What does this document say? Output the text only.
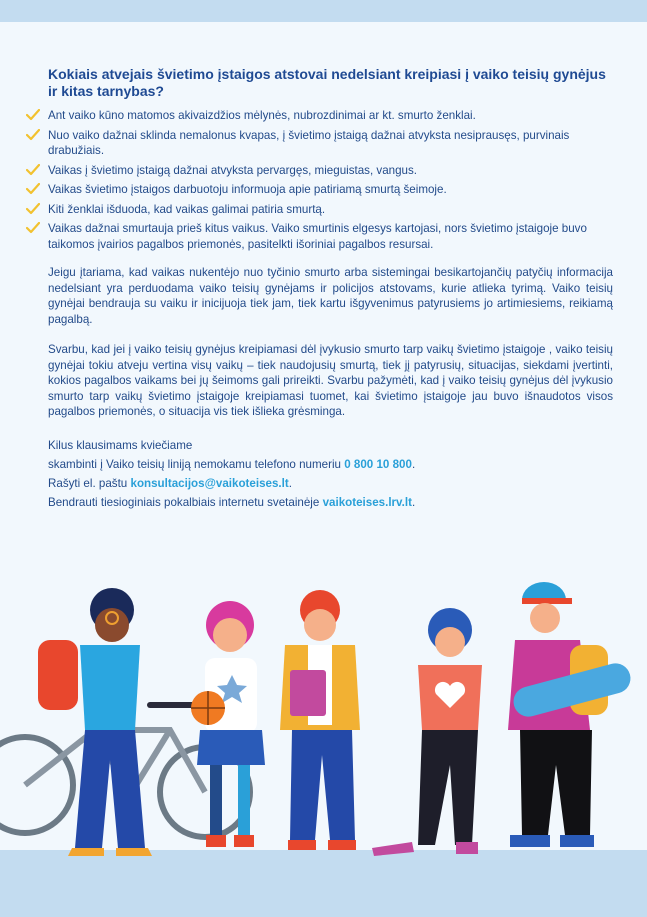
Kokiais atvejais švietimo įstaigos atstovai nedelsiant kreipiasi į vaiko teisių gynėjus ir kitas tarnybas?
Ant vaiko kūno matomos akivaizdžios mėlynės, nubrozdinimai ar kt. smurto ženklai.
Nuo vaiko dažnai sklinda nemalonus kvapas, į švietimo įstaigą dažnai atvyksta nesiprausęs, purvinais drabužiais.
Vaikas į švietimo įstaigą dažnai atvyksta pervargęs, mieguistas, vangus.
Vaikas švietimo įstaigos darbuotoju informuoja apie patiriamą smurtą šeimoje.
Kiti ženklai išduoda, kad vaikas galimai patiria smurtą.
Vaikas dažnai smurtauja prieš kitus vaikus. Vaiko smurtinis elgesys kartojasi, nors švietimo įstaigoje buvo taikomos įvairios pagalbos priemonės, pasitelkti išoriniai pagalbos resursai.

Jeigu įtariama, kad vaikas nukentėjo nuo tyčinio smurto arba sistemingai besikartojančių patyčių informacija nedelsiant yra perduodama vaiko teisių gynėjams ir policijos atstovams, kurie atlieka tyrimą. Vaiko teisių gynėjai bendrauja su vaiku ir inicijuoja tiek jam, tiek kartu išgyvenimus patyrusiems jo artimiesiems, reikiamą pagalbą.

Svarbu, kad jei į vaiko teisių gynėjus kreipiamasi dėl įvykusio smurto tarp vaikų švietimo įstaigoje , vaiko teisių gynėjai tokiu atveju vertina visų vaikų – tiek naudojusių smurtą, tiek jį patyrusių, situacijas, siekdami įvertinti, kokios pagalbos vaikams bei jų šeimoms gali prireikti. Svarbu pažymėti, kad į vaiko teisių gynėjus dėl įvykusio smurto tarp vaikų švietimo įstaigoje kreipiamasi tuomet, kai švietimo įstaigoje jau buvo išnaudotos visos pagalbos priemonės, o situacija vis tiek išlieka grėsminga.

Kilus klausimams kviečiame
skambinti į Vaiko teisių liniją nemokamu telefono numeriu 0 800 10 800.
Rašyti el. paštu konsultacijos@vaikoteises.lt.
Bendrauti tiesioginiais pokalbiais internetu svetainėje vaikoteises.lrv.lt.
